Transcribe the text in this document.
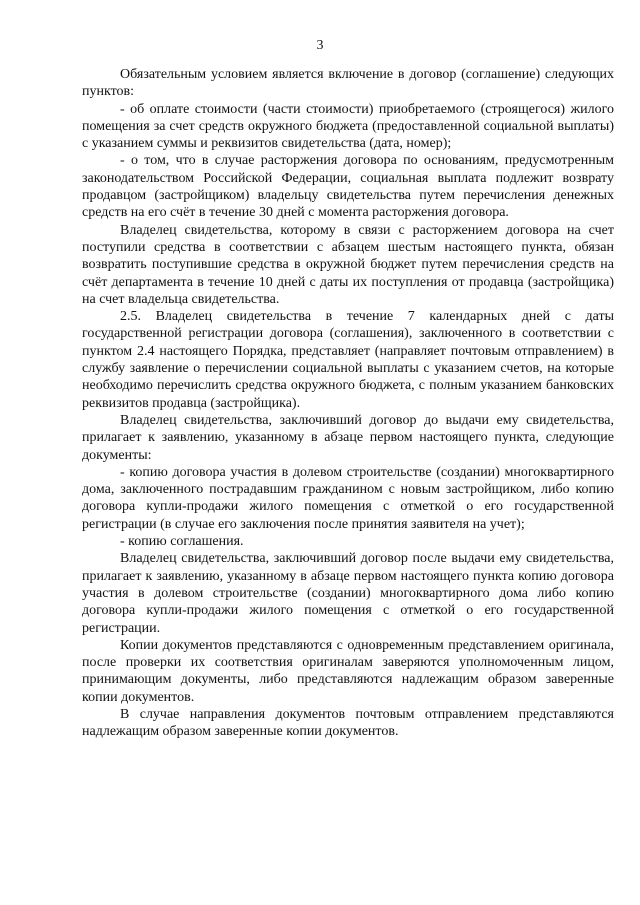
3

Обязательным условием является включение в договор (соглашение) следующих пунктов:

- об оплате стоимости (части стоимости) приобретаемого (строящегося) жилого помещения за счет средств окружного бюджета (предоставленной социальной выплаты) с указанием суммы и реквизитов свидетельства (дата, номер);

- о том, что в случае расторжения договора по основаниям, предусмотренным законодательством Российской Федерации, социальная выплата подлежит возврату продавцом (застройщиком) владельцу свидетельства путем перечисления денежных средств на его счёт в течение 30 дней с момента расторжения договора.

Владелец свидетельства, которому в связи с расторжением договора на счет поступили средства в соответствии с абзацем шестым настоящего пункта, обязан возвратить поступившие средства в окружной бюджет путем перечисления средств на счёт департамента в течение 10 дней с даты их поступления от продавца (застройщика) на счет владельца свидетельства.

2.5. Владелец свидетельства в течение 7 календарных дней с даты государственной регистрации договора (соглашения), заключенного в соответствии с пунктом 2.4 настоящего Порядка, представляет (направляет почтовым отправлением) в службу заявление о перечислении социальной выплаты с указанием счетов, на которые необходимо перечислить средства окружного бюджета, с полным указанием банковских реквизитов продавца (застройщика).

Владелец свидетельства, заключивший договор до выдачи ему свидетельства, прилагает к заявлению, указанному в абзаце первом настоящего пункта, следующие документы:

- копию договора участия в долевом строительстве (создании) многоквартирного дома, заключенного пострадавшим гражданином с новым застройщиком, либо копию договора купли-продажи жилого помещения с отметкой о его государственной регистрации (в случае его заключения после принятия заявителя на учет);

- копию соглашения.

Владелец свидетельства, заключивший договор после выдачи ему свидетельства, прилагает к заявлению, указанному в абзаце первом настоящего пункта копию договора участия в долевом строительстве (создании) многоквартирного дома либо копию договора купли-продажи жилого помещения с отметкой о его государственной регистрации.

Копии документов представляются с одновременным представлением оригинала, после проверки их соответствия оригиналам заверяются уполномоченным лицом, принимающим документы, либо представляются надлежащим образом заверенные копии документов.

В случае направления документов почтовым отправлением представляются надлежащим образом заверенные копии документов.
